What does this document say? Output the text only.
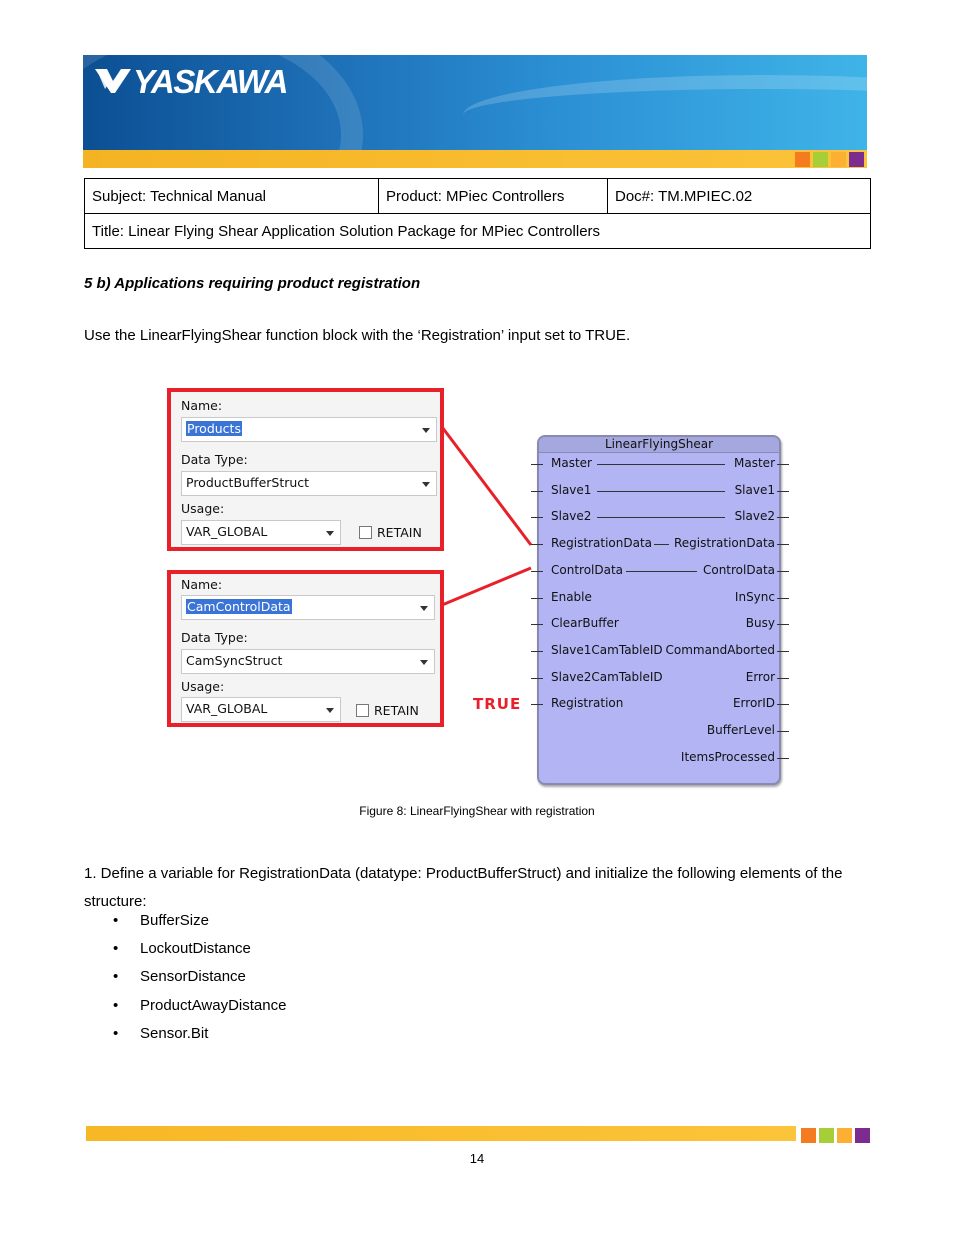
YASKAWA
Subject: Technical Manual	Product: MPiec Controllers	Doc#: TM.MPIEC.02
Title: Linear Flying Shear Application Solution Package for MPiec Controllers
5 b) Applications requiring product registration
Use the LinearFlyingShear function block with the ‘Registration’ input set to TRUE.
Name:
Products
Data Type:
ProductBufferStruct
Usage:
VAR_GLOBAL	RETAIN
Name:
CamControlData
Data Type:
CamSyncStruct
Usage:
VAR_GLOBAL	RETAIN	TRUE
LinearFlyingShear
Master	Master
Slave1	Slave1
Slave2	Slave2
RegistrationData RegistrationData
ControlData	ControlData
Enable	InSync
ClearBuffer	Busy
Slave1CamTableID CommandAborted
Slave2CamTableID	Error
Registration	ErrorID
BufferLevel
ItemsProcessed
Figure 8: LinearFlyingShear with registration
1. Define a variable for RegistrationData (datatype: ProductBufferStruct) and initialize the following elements of the structure:
• BufferSize
• LockoutDistance
• SensorDistance
• ProductAwayDistance
• Sensor.Bit
14
